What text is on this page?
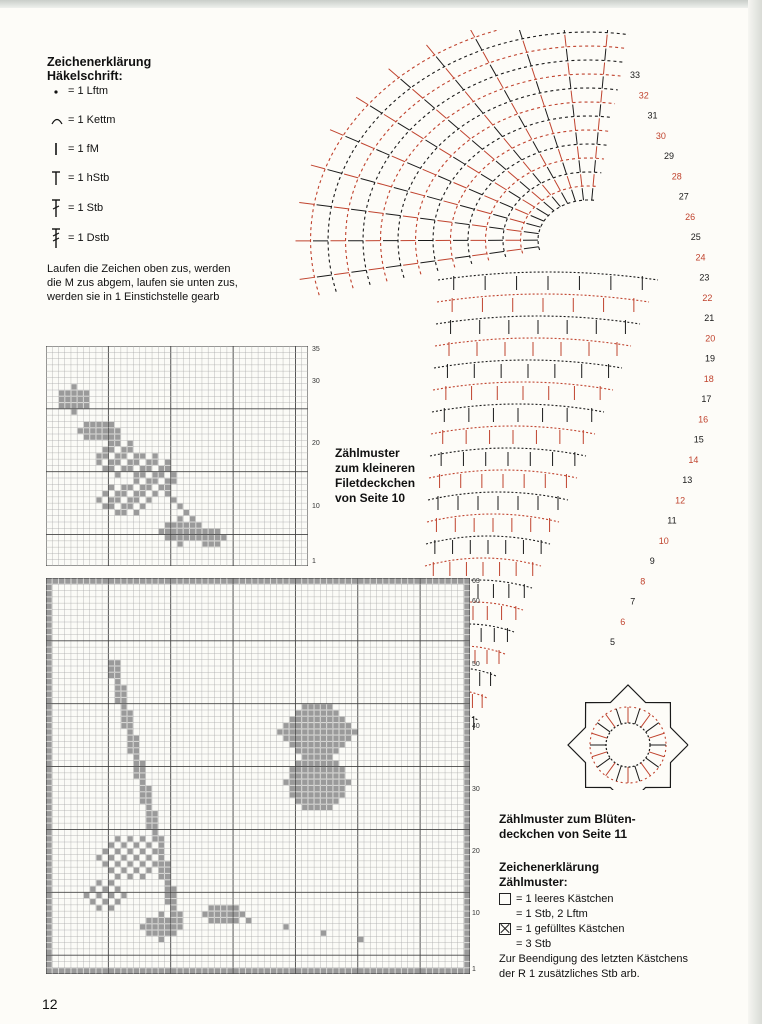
Zeichenerklärung
Häkelschrift:
= 1 Lftm
= 1 Kettm
= 1 fM
= 1 hStb
= 1 Stb
= 1 Dstb
Laufen die Zeichen oben zus, werden
die M zus abgem, laufen sie unten zus,
werden sie in 1 Einstichstelle gearb
33
32
31
30
29
28
27
26
25
24
23
22
21
20
19
18
17
16
15
14
13
12
11
10
9
8
7
6
5
35
30
20
10
1
Zählmuster
zum kleineren
Filetdeckchen
von Seite 10
63
60
50
40
30
20
10
1
Zählmuster zum Blüten-
deckchen von Seite 11
Zeichenerklärung
Zählmuster:
= 1 leeres Kästchen
= 1 Stb, 2 Lftm
= 1 gefülltes Kästchen
= 3 Stb
Zur Beendigung des letzten Kästchens
der R 1 zusätzliches Stb arb.
12
